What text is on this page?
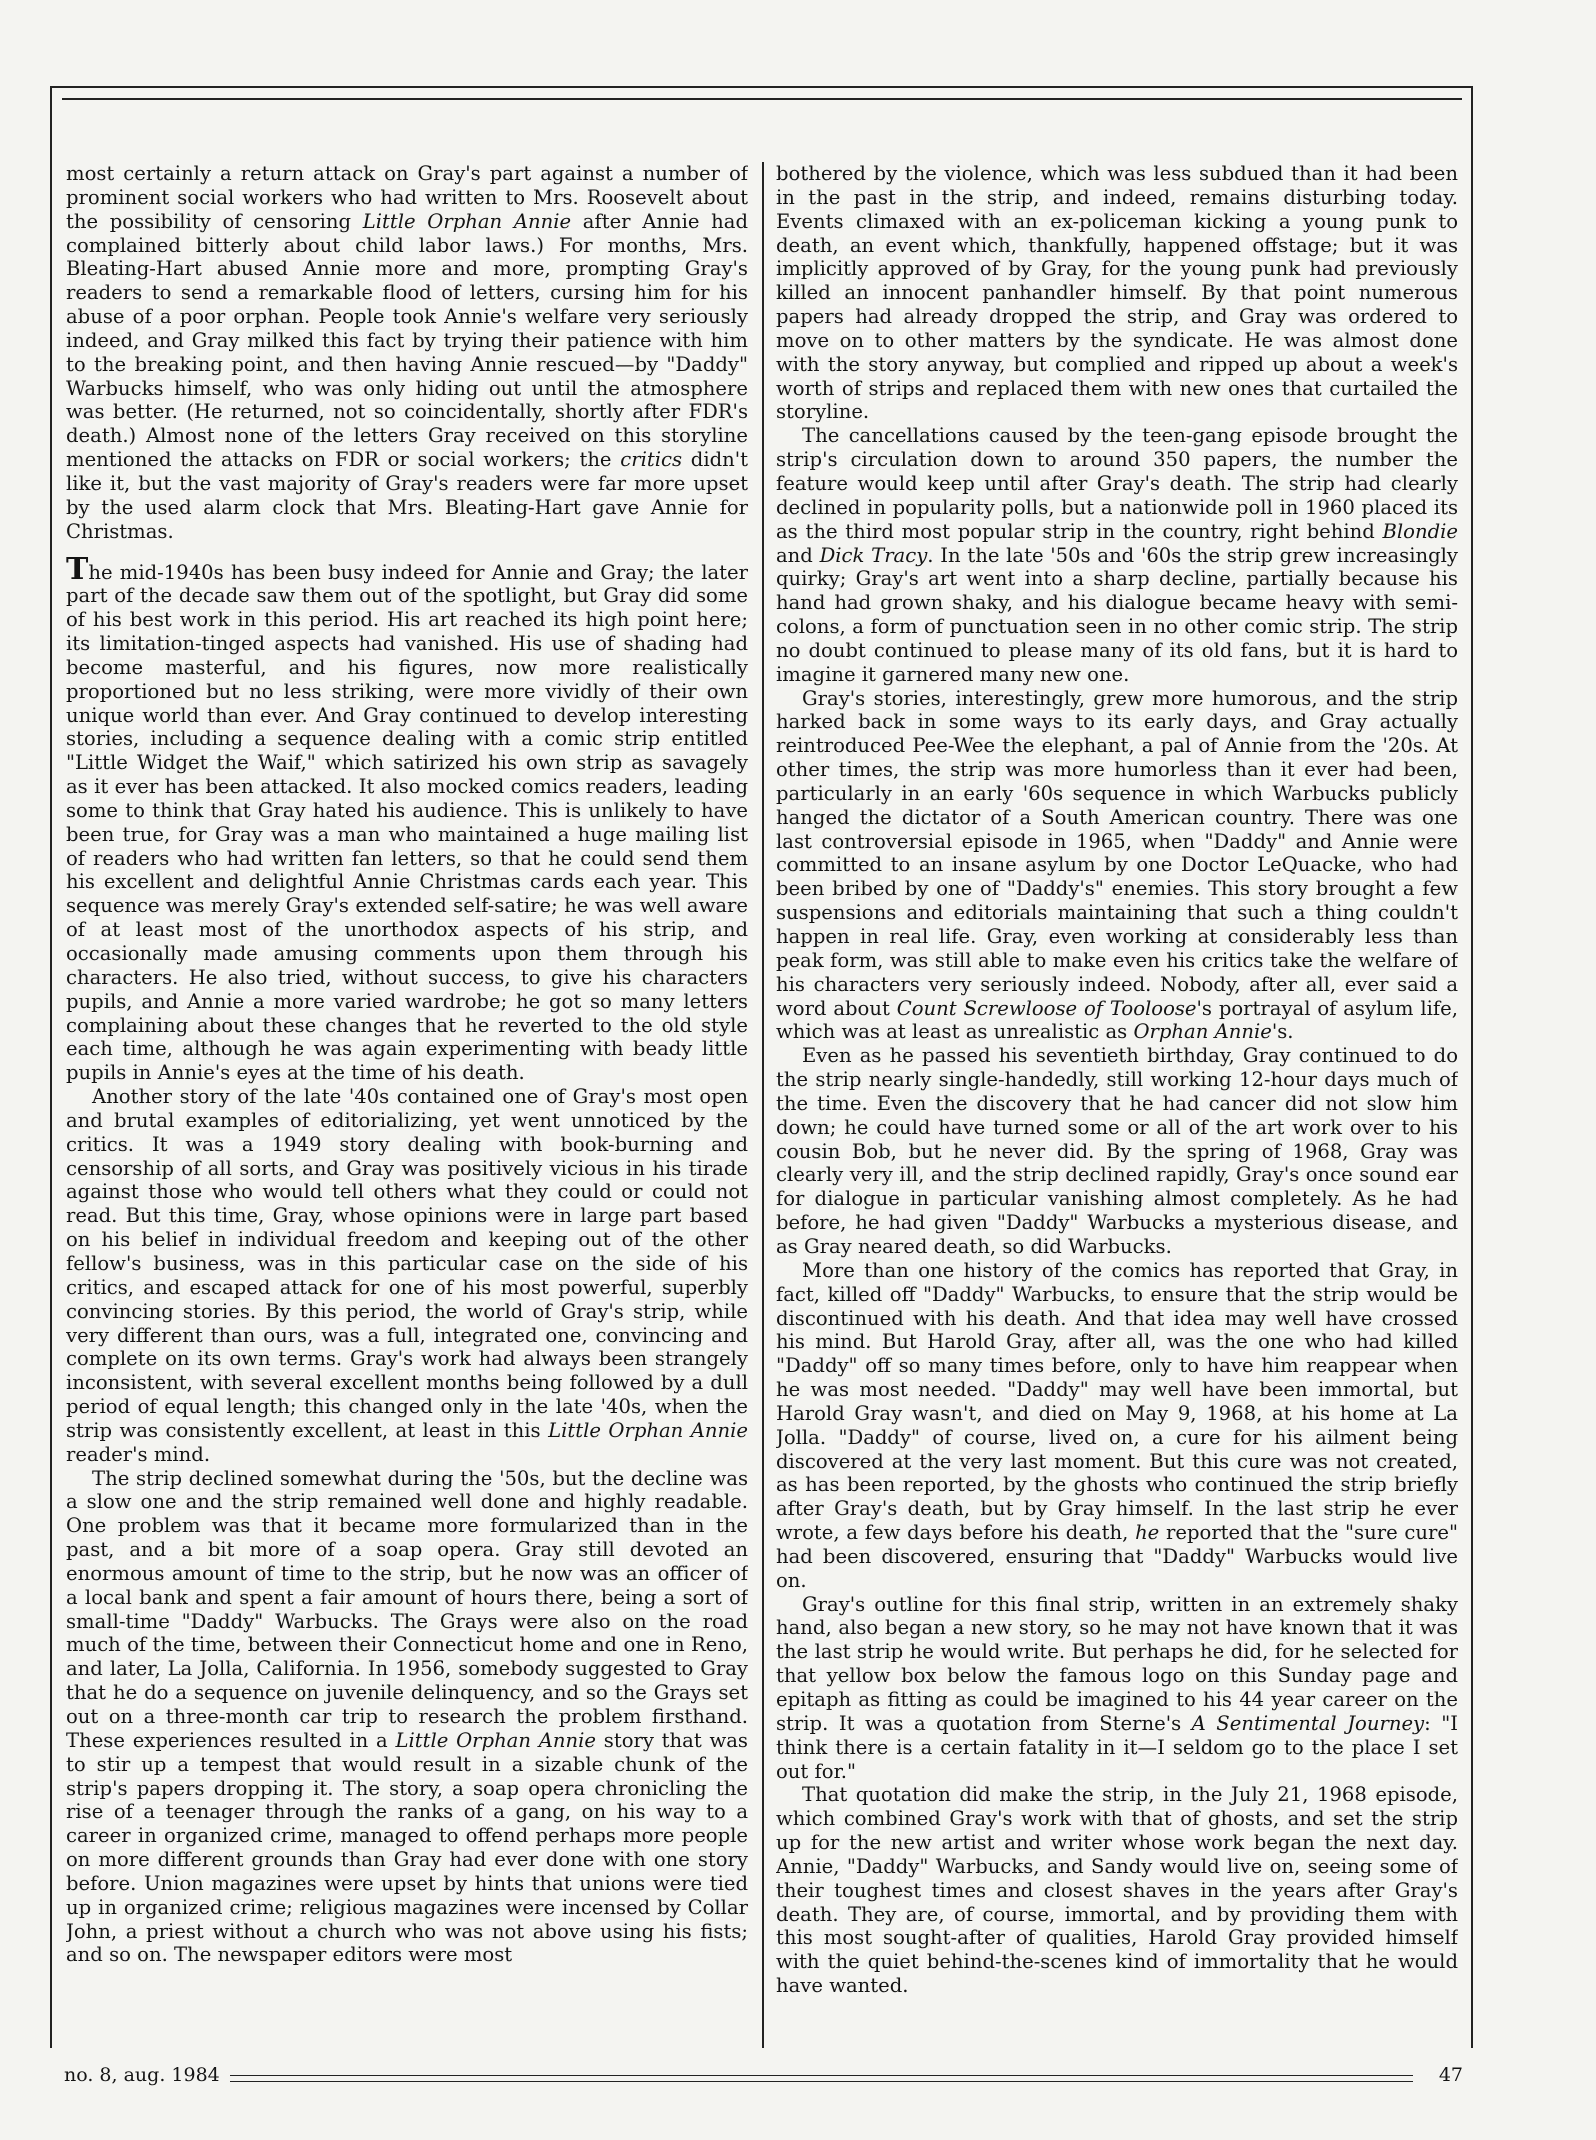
most certainly a return attack on Gray's part against a number of prominent social workers who had written to Mrs. Roosevelt about the possibility of censoring Little Orphan Annie after Annie had complained bitterly about child labor laws.) For months, Mrs. Bleating-Hart abused Annie more and more, prompting Gray's readers to send a remarkable flood of letters, cursing him for his abuse of a poor orphan. People took Annie's welfare very seriously indeed, and Gray milked this fact by trying their patience with him to the breaking point, and then having Annie rescued—by "Daddy" Warbucks himself, who was only hiding out until the atmosphere was better. (He returned, not so coincidentally, shortly after FDR's death.) Almost none of the letters Gray received on this storyline mentioned the attacks on FDR or social workers; the critics didn't like it, but the vast majority of Gray's readers were far more upset by the used alarm clock that Mrs. Bleating-Hart gave Annie for Christmas.

The mid-1940s has been busy indeed for Annie and Gray; the later part of the decade saw them out of the spotlight, but Gray did some of his best work in this period. His art reached its high point here; its limitation-tinged aspects had vanished. His use of shading had become masterful, and his figures, now more realistically proportioned but no less striking, were more vividly of their own unique world than ever. And Gray continued to develop interesting stories, including a sequence dealing with a comic strip entitled "Little Widget the Waif," which satirized his own strip as savagely as it ever has been attacked. It also mocked comics readers, leading some to think that Gray hated his audience. This is unlikely to have been true, for Gray was a man who maintained a huge mailing list of readers who had written fan letters, so that he could send them his excellent and delightful Annie Christmas cards each year. This sequence was merely Gray's extended self-satire; he was well aware of at least most of the unorthodox aspects of his strip, and occasionally made amusing comments upon them through his characters. He also tried, without success, to give his characters pupils, and Annie a more varied wardrobe; he got so many letters complaining about these changes that he reverted to the old style each time, although he was again experimenting with beady little pupils in Annie's eyes at the time of his death.

Another story of the late '40s contained one of Gray's most open and brutal examples of editorializing, yet went unnoticed by the critics. It was a 1949 story dealing with book-burning and censorship of all sorts, and Gray was positively vicious in his tirade against those who would tell others what they could or could not read. But this time, Gray, whose opinions were in large part based on his belief in individual freedom and keeping out of the other fellow's business, was in this particular case on the side of his critics, and escaped attack for one of his most powerful, superbly convincing stories. By this period, the world of Gray's strip, while very different than ours, was a full, integrated one, convincing and complete on its own terms. Gray's work had always been strangely inconsistent, with several excellent months being followed by a dull period of equal length; this changed only in the late '40s, when the strip was consistently excellent, at least in this Little Orphan Annie reader's mind.

The strip declined somewhat during the '50s, but the decline was a slow one and the strip remained well done and highly readable. One problem was that it became more formularized than in the past, and a bit more of a soap opera. Gray still devoted an enormous amount of time to the strip, but he now was an officer of a local bank and spent a fair amount of hours there, being a sort of small-time "Daddy" Warbucks. The Grays were also on the road much of the time, between their Connecticut home and one in Reno, and later, La Jolla, California. In 1956, somebody suggested to Gray that he do a sequence on juvenile delinquency, and so the Grays set out on a three-month car trip to research the problem firsthand. These experiences resulted in a Little Orphan Annie story that was to stir up a tempest that would result in a sizable chunk of the strip's papers dropping it. The story, a soap opera chronicling the rise of a teenager through the ranks of a gang, on his way to a career in organized crime, managed to offend perhaps more people on more different grounds than Gray had ever done with one story before. Union magazines were upset by hints that unions were tied up in organized crime; religious magazines were incensed by Collar John, a priest without a church who was not above using his fists; and so on. The newspaper editors were most

bothered by the violence, which was less subdued than it had been in the past in the strip, and indeed, remains disturbing today. Events climaxed with an ex-policeman kicking a young punk to death, an event which, thankfully, happened offstage; but it was implicitly approved of by Gray, for the young punk had previously killed an innocent panhandler himself. By that point numerous papers had already dropped the strip, and Gray was ordered to move on to other matters by the syndicate. He was almost done with the story anyway, but complied and ripped up about a week's worth of strips and replaced them with new ones that curtailed the storyline.

The cancellations caused by the teen-gang episode brought the strip's circulation down to around 350 papers, the number the feature would keep until after Gray's death. The strip had clearly declined in popularity polls, but a nationwide poll in 1960 placed its as the third most popular strip in the country, right behind Blondie and Dick Tracy. In the late '50s and '60s the strip grew increasingly quirky; Gray's art went into a sharp decline, partially because his hand had grown shaky, and his dialogue became heavy with semi-colons, a form of punctuation seen in no other comic strip. The strip no doubt continued to please many of its old fans, but it is hard to imagine it garnered many new one.

Gray's stories, interestingly, grew more humorous, and the strip harked back in some ways to its early days, and Gray actually reintroduced Pee-Wee the elephant, a pal of Annie from the '20s. At other times, the strip was more humorless than it ever had been, particularly in an early '60s sequence in which Warbucks publicly hanged the dictator of a South American country. There was one last controversial episode in 1965, when "Daddy" and Annie were committed to an insane asylum by one Doctor LeQuacke, who had been bribed by one of "Daddy's" enemies. This story brought a few suspensions and editorials maintaining that such a thing couldn't happen in real life. Gray, even working at considerably less than peak form, was still able to make even his critics take the welfare of his characters very seriously indeed. Nobody, after all, ever said a word about Count Screwloose of Tooloose's portrayal of asylum life, which was at least as unrealistic as Orphan Annie's.

Even as he passed his seventieth birthday, Gray continued to do the strip nearly single-handedly, still working 12-hour days much of the time. Even the discovery that he had cancer did not slow him down; he could have turned some or all of the art work over to his cousin Bob, but he never did. By the spring of 1968, Gray was clearly very ill, and the strip declined rapidly, Gray's once sound ear for dialogue in particular vanishing almost completely. As he had before, he had given "Daddy" Warbucks a mysterious disease, and as Gray neared death, so did Warbucks.

More than one history of the comics has reported that Gray, in fact, killed off "Daddy" Warbucks, to ensure that the strip would be discontinued with his death. And that idea may well have crossed his mind. But Harold Gray, after all, was the one who had killed "Daddy" off so many times before, only to have him reappear when he was most needed. "Daddy" may well have been immortal, but Harold Gray wasn't, and died on May 9, 1968, at his home at La Jolla. "Daddy" of course, lived on, a cure for his ailment being discovered at the very last moment. But this cure was not created, as has been reported, by the ghosts who continued the strip briefly after Gray's death, but by Gray himself. In the last strip he ever wrote, a few days before his death, he reported that the "sure cure" had been discovered, ensuring that "Daddy" Warbucks would live on.

Gray's outline for this final strip, written in an extremely shaky hand, also began a new story, so he may not have known that it was the last strip he would write. But perhaps he did, for he selected for that yellow box below the famous logo on this Sunday page and epitaph as fitting as could be imagined to his 44 year career on the strip. It was a quotation from Sterne's A Sentimental Journey: "I think there is a certain fatality in it—I seldom go to the place I set out for."

That quotation did make the strip, in the July 21, 1968 episode, which combined Gray's work with that of ghosts, and set the strip up for the new artist and writer whose work began the next day. Annie, "Daddy" Warbucks, and Sandy would live on, seeing some of their toughest times and closest shaves in the years after Gray's death. They are, of course, immortal, and by providing them with this most sought-after of qualities, Harold Gray provided himself with the quiet behind-the-scenes kind of immortality that he would have wanted.

no. 8, aug. 1984	47
